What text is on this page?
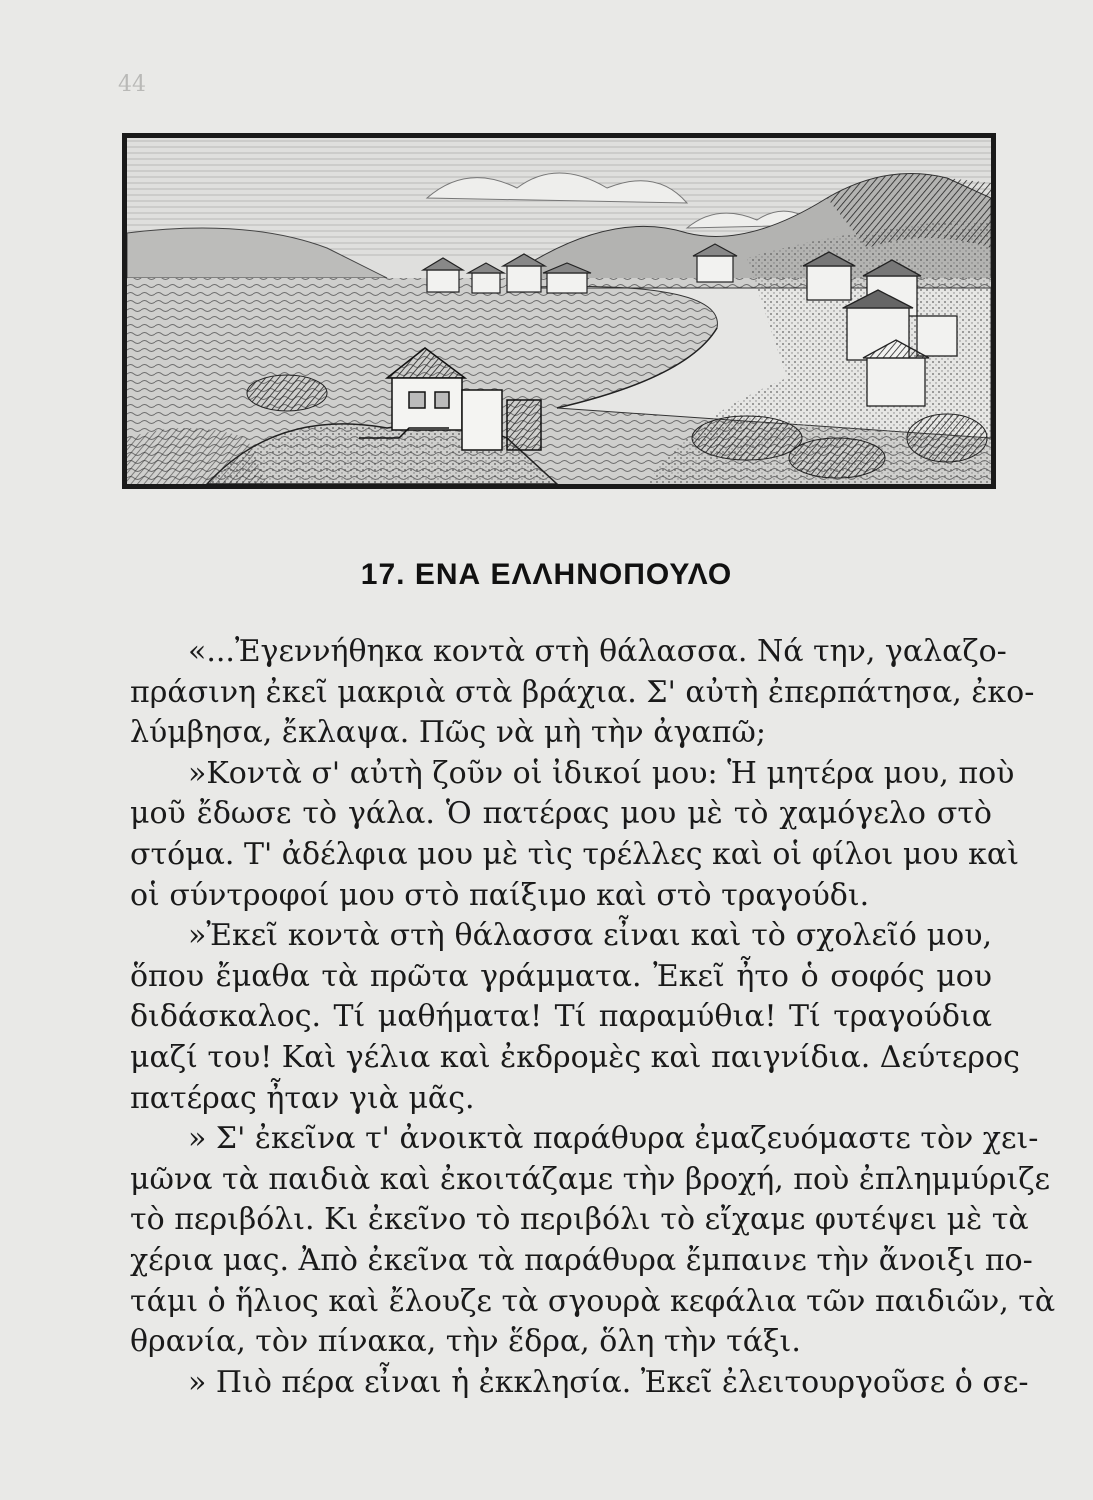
44
17. ΕΝΑ ΕΛΛΗΝΟΠΟΥΛΟ
«...Ἐγεννήθηκα κοντὰ στὴ θάλασσα. Νά την, γαλαζο-
πράσινη ἐκεῖ μακριὰ στὰ βράχια. Σ' αὐτὴ ἐπερπάτησα, ἐκο-
λύμβησα, ἔκλαψα. Πῶς νὰ μὴ τὴν ἀγαπῶ;
»Κοντὰ σ' αὐτὴ ζοῦν οἱ ἰδικοί μου: Ἡ μητέρα μου, ποὺ
μοῦ ἔδωσε τὸ γάλα. Ὁ πατέρας μου μὲ τὸ χαμόγελο στὸ
στόμα. Τ' ἀδέλφια μου μὲ τὶς τρέλλες καὶ οἱ φίλοι μου καὶ
οἱ σύντροφοί μου στὸ παίξιμο καὶ στὸ τραγούδι.
»Ἐκεῖ κοντὰ στὴ θάλασσα εἶναι καὶ τὸ σχολεῖό μου,
ὅπου ἔμαθα τὰ πρῶτα γράμματα. Ἐκεῖ ἦτο ὁ σοφός μου
διδάσκαλος. Τί μαθήματα! Τί παραμύθια! Τί τραγούδια
μαζί του! Καὶ γέλια καὶ ἐκδρομὲς καὶ παιγνίδια. Δεύτερος
πατέρας ἦταν γιὰ μᾶς.
» Σ' ἐκεῖνα τ' ἀνοικτὰ παράθυρα ἐμαζευόμαστε τὸν χει-
μῶνα τὰ παιδιὰ καὶ ἐκοιτάζαμε τὴν βροχή, ποὺ ἐπλημμύριζε
τὸ περιβόλι. Κι ἐκεῖνο τὸ περιβόλι τὸ εἴχαμε φυτέψει μὲ τὰ
χέρια μας. Ἀπὸ ἐκεῖνα τὰ παράθυρα ἔμπαινε τὴν ἄνοιξι πο-
τάμι ὁ ἥλιος καὶ ἔλουζε τὰ σγουρὰ κεφάλια τῶν παιδιῶν, τὰ
θρανία, τὸν πίνακα, τὴν ἕδρα, ὅλη τὴν τάξι.
» Πιὸ πέρα εἶναι ἡ ἐκκλησία. Ἐκεῖ ἐλειτουργοῦσε ὁ σε-
